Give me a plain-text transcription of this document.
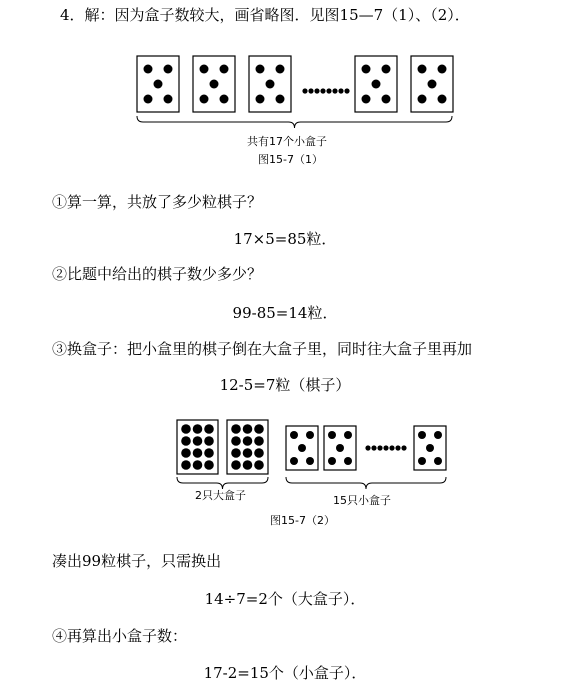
4．解：因为盒子数较大，画省略图．见图15—7（1）、（2）．
共有17个小盒子
图15-7（1）
①算一算，共放了多少粒棋子？
17×5=85粒．
②比题中给出的棋子数少多少？
99-85=14粒．
③换盒子：把小盒里的棋子倒在大盒子里，同时往大盒子里再加
12-5=7粒（棋子）
2只大盒子	15只小盒子
图15-7（2）
凑出99粒棋子，只需换出
14÷7=2个（大盒子）．
④再算出小盒子数：
17-2=15个（小盒子）．
